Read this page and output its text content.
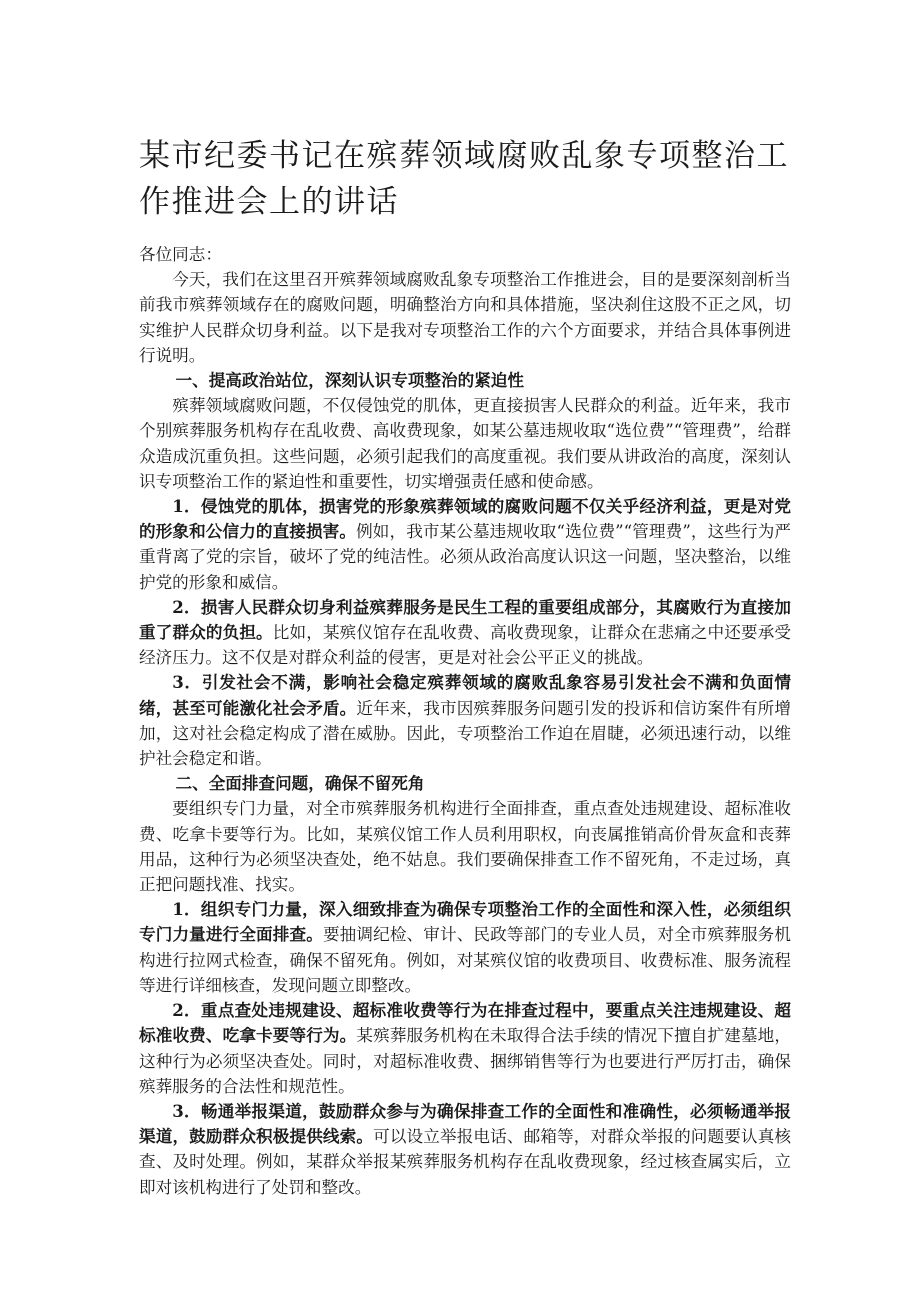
某市纪委书记在殡葬领域腐败乱象专项整治工作推进会上的讲话

各位同志：

今天，我们在这里召开殡葬领域腐败乱象专项整治工作推进会，目的是要深刻剖析当前我市殡葬领域存在的腐败问题，明确整治方向和具体措施，坚决刹住这股不正之风，切实维护人民群众切身利益。以下是我对专项整治工作的六个方面要求，并结合具体事例进行说明。

一、提高政治站位，深刻认识专项整治的紧迫性

殡葬领域腐败问题，不仅侵蚀党的肌体，更直接损害人民群众的利益。近年来，我市个别殡葬服务机构存在乱收费、高收费现象，如某公墓违规收取“选位费”“管理费”，给群众造成沉重负担。这些问题，必须引起我们的高度重视。我们要从讲政治的高度，深刻认识专项整治工作的紧迫性和重要性，切实增强责任感和使命感。

1．侵蚀党的肌体，损害党的形象殡葬领域的腐败问题不仅关乎经济利益，更是对党的形象和公信力的直接损害。例如，我市某公墓违规收取“选位费”“管理费”，这些行为严重背离了党的宗旨，破坏了党的纯洁性。必须从政治高度认识这一问题，坚决整治，以维护党的形象和威信。

2．损害人民群众切身利益殡葬服务是民生工程的重要组成部分，其腐败行为直接加重了群众的负担。比如，某殡仪馆存在乱收费、高收费现象，让群众在悲痛之中还要承受经济压力。这不仅是对群众利益的侵害，更是对社会公平正义的挑战。

3．引发社会不满，影响社会稳定殡葬领域的腐败乱象容易引发社会不满和负面情绪，甚至可能激化社会矛盾。近年来，我市因殡葬服务问题引发的投诉和信访案件有所增加，这对社会稳定构成了潜在威胁。因此，专项整治工作迫在眉睫，必须迅速行动，以维护社会稳定和谐。

二、全面排查问题，确保不留死角

要组织专门力量，对全市殡葬服务机构进行全面排查，重点查处违规建设、超标准收费、吃拿卡要等行为。比如，某殡仪馆工作人员利用职权，向丧属推销高价骨灰盒和丧葬用品，这种行为必须坚决查处，绝不姑息。我们要确保排查工作不留死角，不走过场，真正把问题找准、找实。

1．组织专门力量，深入细致排查为确保专项整治工作的全面性和深入性，必须组织专门力量进行全面排查。要抽调纪检、审计、民政等部门的专业人员，对全市殡葬服务机构进行拉网式检查，确保不留死角。例如，对某殡仪馆的收费项目、收费标准、服务流程等进行详细核查，发现问题立即整改。

2．重点查处违规建设、超标准收费等行为在排查过程中，要重点关注违规建设、超标准收费、吃拿卡要等行为。某殡葬服务机构在未取得合法手续的情况下擅自扩建墓地，这种行为必须坚决查处。同时，对超标准收费、捆绑销售等行为也要进行严厉打击，确保殡葬服务的合法性和规范性。

3．畅通举报渠道，鼓励群众参与为确保排查工作的全面性和准确性，必须畅通举报渠道，鼓励群众积极提供线索。可以设立举报电话、邮箱等，对群众举报的问题要认真核查、及时处理。例如，某群众举报某殡葬服务机构存在乱收费现象，经过核查属实后，立即对该机构进行了处罚和整改。
